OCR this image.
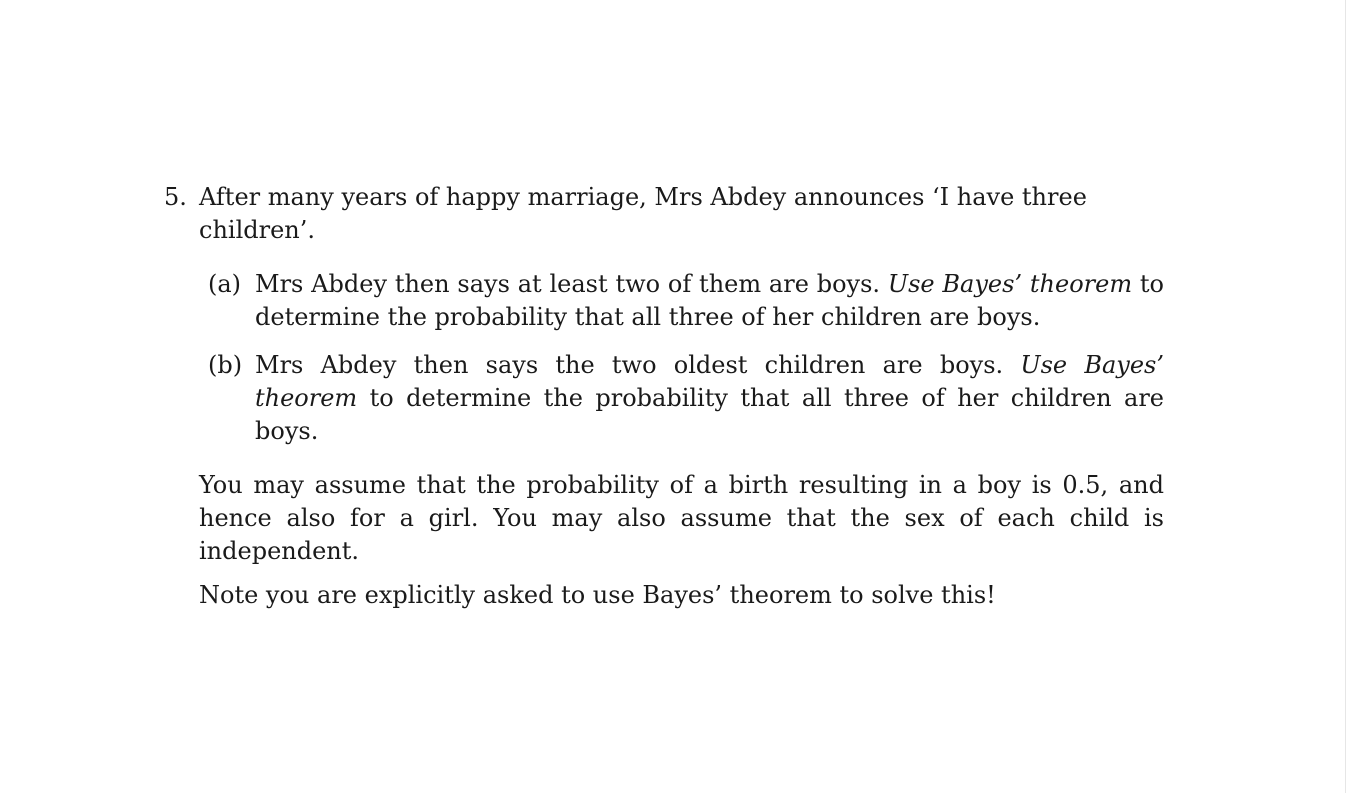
5. After many years of happy marriage, Mrs Abdey announces ‘I have three children’.
(a) Mrs Abdey then says at least two of them are boys. Use Bayes’ theorem to determine the probability that all three of her children are boys.
(b) Mrs Abdey then says the two oldest children are boys. Use Bayes’ theorem to determine the probability that all three of her children are boys.

You may assume that the probability of a birth resulting in a boy is 0.5, and hence also for a girl. You may also assume that the sex of each child is independent.

Note you are explicitly asked to use Bayes’ theorem to solve this!
